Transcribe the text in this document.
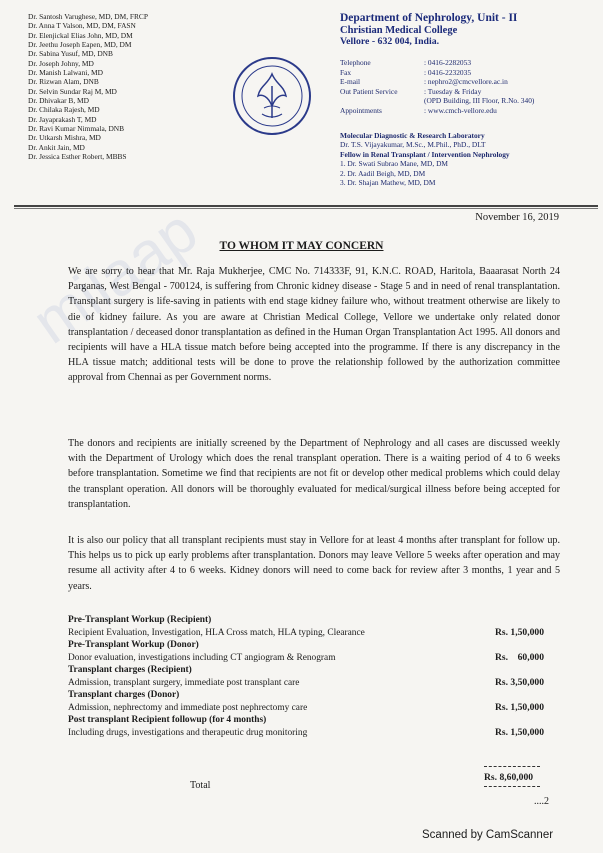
milaap
Dr. Santosh Varughese, MD, DM, FRCP
Dr. Anna T Valson, MD, DM, FASN
Dr. Elenjickal Elias John, MD, DM
Dr. Jeethu Joseph Eapen, MD, DM
Dr. Sabina Yusuf, MD, DNB
Dr. Joseph Johny, MD
Dr. Manish Lalwani, MD
Dr. Rizwan Alam, DNB
Dr. Selvin Sundar Raj M, MD
Dr. Dhivakar B, MD
Dr. Chilaka Rajesh, MD
Dr. Jayaprakash T, MD
Dr. Ravi Kumar Nimmala, DNB
Dr. Utkarsh Mishra, MD
Dr. Ankit Jain, MD
Dr. Jessica Esther Robert, MBBS
Department of Nephrology, Unit - II
Christian Medical College
Vellore - 632 004, India.
Telephone	: 0416-2282053
Fax	: 0416-2232035
E-mail	: nephro2@cmcvellore.ac.in
Out Patient Service	: Tuesday & Friday
(OPD Building, III Floor, R.No. 340)
Appointments	: www.cmch-vellore.edu
Molecular Diagnostic & Research Laboratory
Dr. T.S. Vijayakumar, M.Sc., M.Phil., PhD., DLT
Fellow in Renal Transplant / Intervention Nephrology
1. Dr. Swati Subrao Mane, MD, DM
2. Dr. Aadil Beigh, MD, DM
3. Dr. Shajan Mathew, MD, DM
November 16, 2019
TO WHOM IT MAY CONCERN
We are sorry to hear that Mr. Raja Mukherjee, CMC No. 714333F, 91, K.N.C. ROAD, Haritola, Baaarasat North 24 Parganas, West Bengal - 700124, is suffering from Chronic kidney disease - Stage 5 and in need of renal transplantation. Transplant surgery is life-saving in patients with end stage kidney failure who, without treatment otherwise are likely to die of kidney failure. As you are aware at Christian Medical College, Vellore we undertake only related donor transplantation / deceased donor transplantation as defined in the Human Organ Transplantation Act 1995. All donors and recipients will have a HLA tissue match before being accepted into the programme. If there is any discrepancy in the HLA tissue match; additional tests will be done to prove the relationship followed by the authorization committee approval from Chennai as per Government norms.
The donors and recipients are initially screened by the Department of Nephrology and all cases are discussed weekly with the Department of Urology which does the renal transplant operation. There is a waiting period of 4 to 6 weeks before transplantation. Sometime we find that recipients are not fit or develop other medical problems which could delay the transplant operation. All donors will be thoroughly evaluated for medical/surgical illness before being accepted for transplantation.
It is also our policy that all transplant recipients must stay in Vellore for at least 4 months after transplant for follow up. This helps us to pick up early problems after transplantation. Donors may leave Vellore 5 weeks after operation and may resume all activity after 4 to 6 weeks. Kidney donors will need to come back for review after 3 months, 1 year and 5 years.
Pre-Transplant Workup (Recipient)
Recipient Evaluation, Investigation, HLA Cross match, HLA typing, Clearance	Rs. 1,50,000
Pre-Transplant Workup (Donor)
Donor evaluation, investigations including CT angiogram & Renogram	Rs.    60,000
Transplant charges (Recipient)
Admission, transplant surgery, immediate post transplant care	Rs. 3,50,000
Transplant charges (Donor)
Admission, nephrectomy and immediate post nephrectomy care	Rs. 1,50,000
Post transplant Recipient followup (for 4 months)
Including drugs, investigations and therapeutic drug monitoring	Rs. 1,50,000
Total
Rs. 8,60,000
....2
Scanned by CamScanner
